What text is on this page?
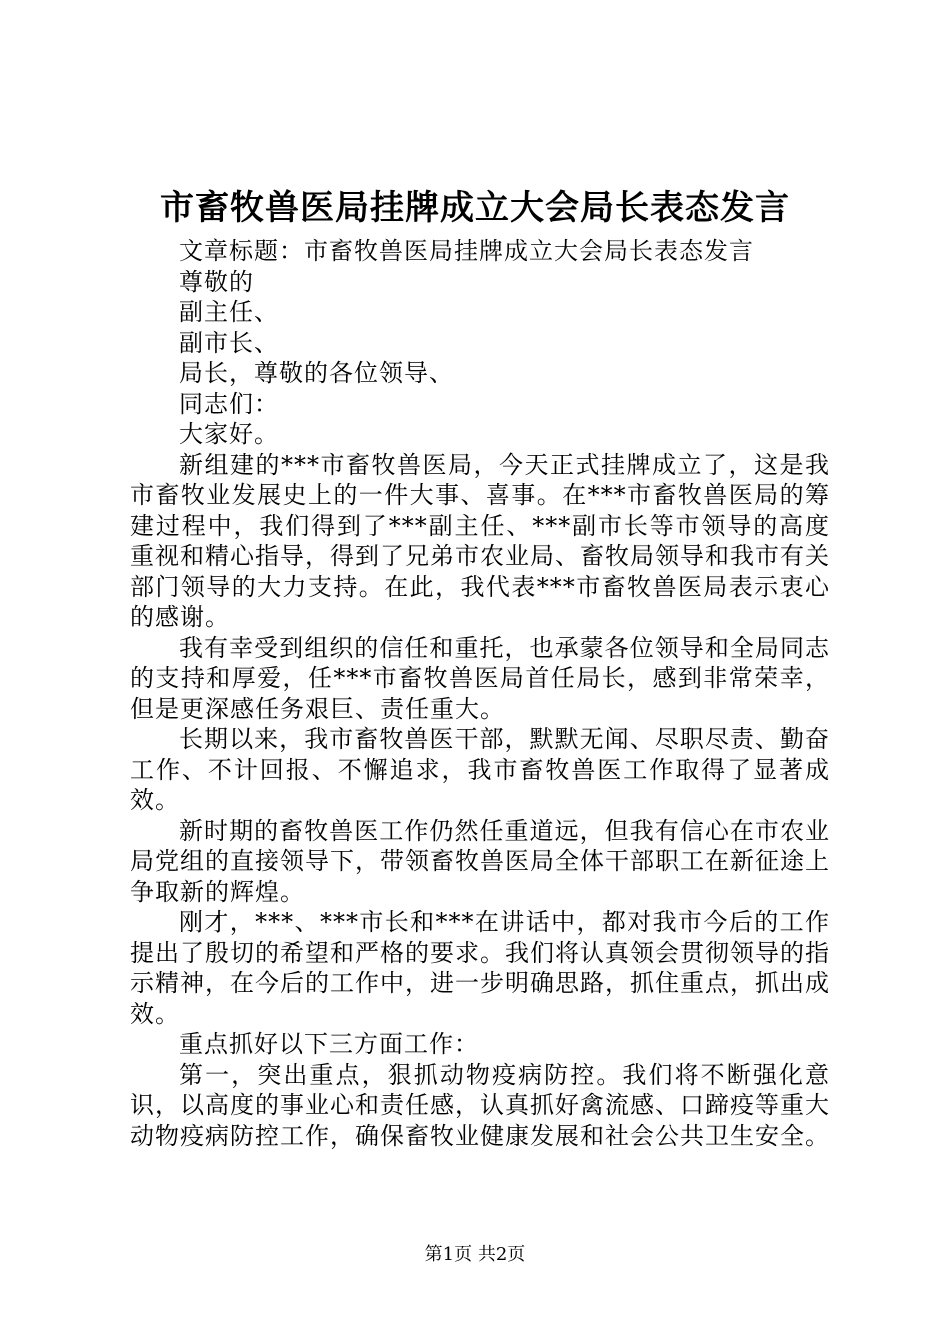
市畜牧兽医局挂牌成立大会局长表态发言
文章标题：市畜牧兽医局挂牌成立大会局长表态发言
尊敬的
副主任、
副市长、
局长，尊敬的各位领导、
同志们：
大家好。

新组建的***市畜牧兽医局，今天正式挂牌成立了，这是我市畜牧业发展史上的一件大事、喜事。在***市畜牧兽医局的筹建过程中，我们得到了***副主任、***副市长等市领导的高度重视和精心指导，得到了兄弟市农业局、畜牧局领导和我市有关部门领导的大力支持。在此，我代表***市畜牧兽医局表示衷心的感谢。

我有幸受到组织的信任和重托，也承蒙各位领导和全局同志的支持和厚爱，任***市畜牧兽医局首任局长，感到非常荣幸，但是更深感任务艰巨、责任重大。

长期以来，我市畜牧兽医干部，默默无闻、尽职尽责、勤奋工作、不计回报、不懈追求，我市畜牧兽医工作取得了显著成效。

新时期的畜牧兽医工作仍然任重道远，但我有信心在市农业局党组的直接领导下，带领畜牧兽医局全体干部职工在新征途上争取新的辉煌。

刚才，***、***市长和***在讲话中，都对我市今后的工作提出了殷切的希望和严格的要求。我们将认真领会贯彻领导的指示精神，在今后的工作中，进一步明确思路，抓住重点，抓出成效。

重点抓好以下三方面工作：

第一，突出重点，狠抓动物疫病防控。我们将不断强化意识，以高度的事业心和责任感，认真抓好禽流感、口蹄疫等重大动物疫病防控工作，确保畜牧业健康发展和社会公共卫生安全。

第1页 共2页
